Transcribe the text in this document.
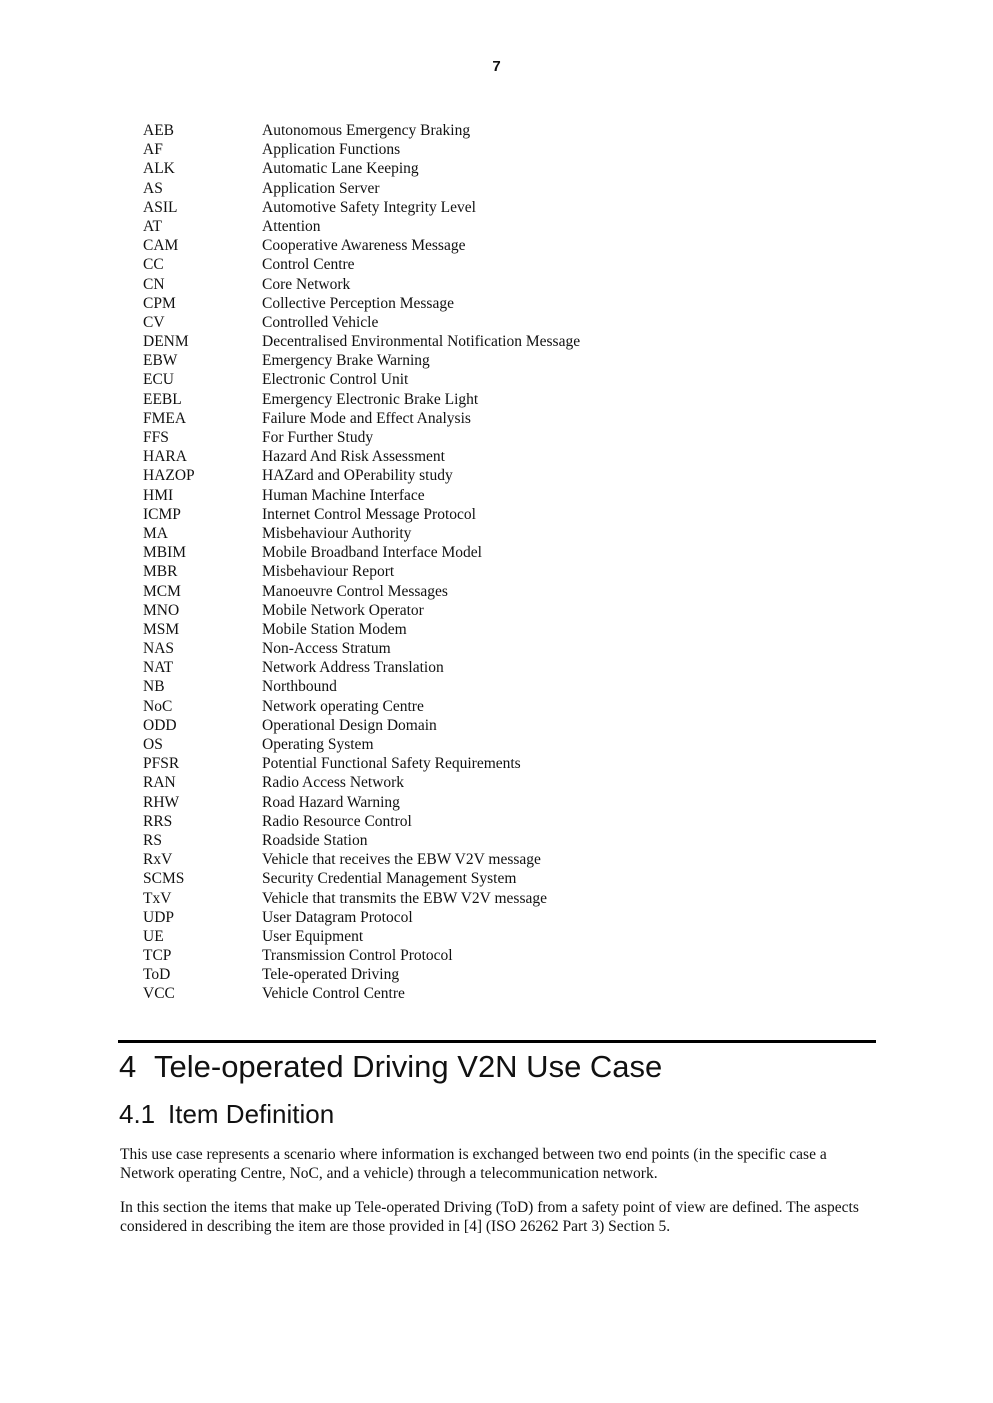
7
AEB	Autonomous Emergency Braking
AF	Application Functions
ALK	Automatic Lane Keeping
AS	Application Server
ASIL	Automotive Safety Integrity Level
AT	Attention
CAM	Cooperative Awareness Message
CC	Control Centre
CN	Core Network
CPM	Collective Perception Message
CV	Controlled Vehicle
DENM	Decentralised Environmental Notification Message
EBW	Emergency Brake Warning
ECU	Electronic Control Unit
EEBL	Emergency Electronic Brake Light
FMEA	Failure Mode and Effect Analysis
FFS	For Further Study
HARA	Hazard And Risk Assessment
HAZOP	HAZard and OPerability study
HMI	Human Machine Interface
ICMP	Internet Control Message Protocol
MA	Misbehaviour Authority
MBIM	Mobile Broadband Interface Model
MBR	Misbehaviour Report
MCM	Manoeuvre Control Messages
MNO	Mobile Network Operator
MSM	Mobile Station Modem
NAS	Non-Access Stratum
NAT	Network Address Translation
NB	Northbound
NoC	Network operating Centre
ODD	Operational Design Domain
OS	Operating System
PFSR	Potential Functional Safety Requirements
RAN	Radio Access Network
RHW	Road Hazard Warning
RRS	Radio Resource Control
RS	Roadside Station
RxV	Vehicle that receives the EBW V2V message
SCMS	Security Credential Management System
TxV	Vehicle that transmits the EBW V2V message
UDP	User Datagram Protocol
UE	User Equipment
TCP	Transmission Control Protocol
ToD	Tele-operated Driving
VCC	Vehicle Control Centre
4 Tele-operated Driving V2N Use Case
4.1 Item Definition

This use case represents a scenario where information is exchanged between two end points (in the specific case a Network operating Centre, NoC, and a vehicle) through a telecommunication network.

In this section the items that make up Tele-operated Driving (ToD) from a safety point of view are defined. The aspects considered in describing the item are those provided in [4] (ISO 26262 Part 3) Section 5.
